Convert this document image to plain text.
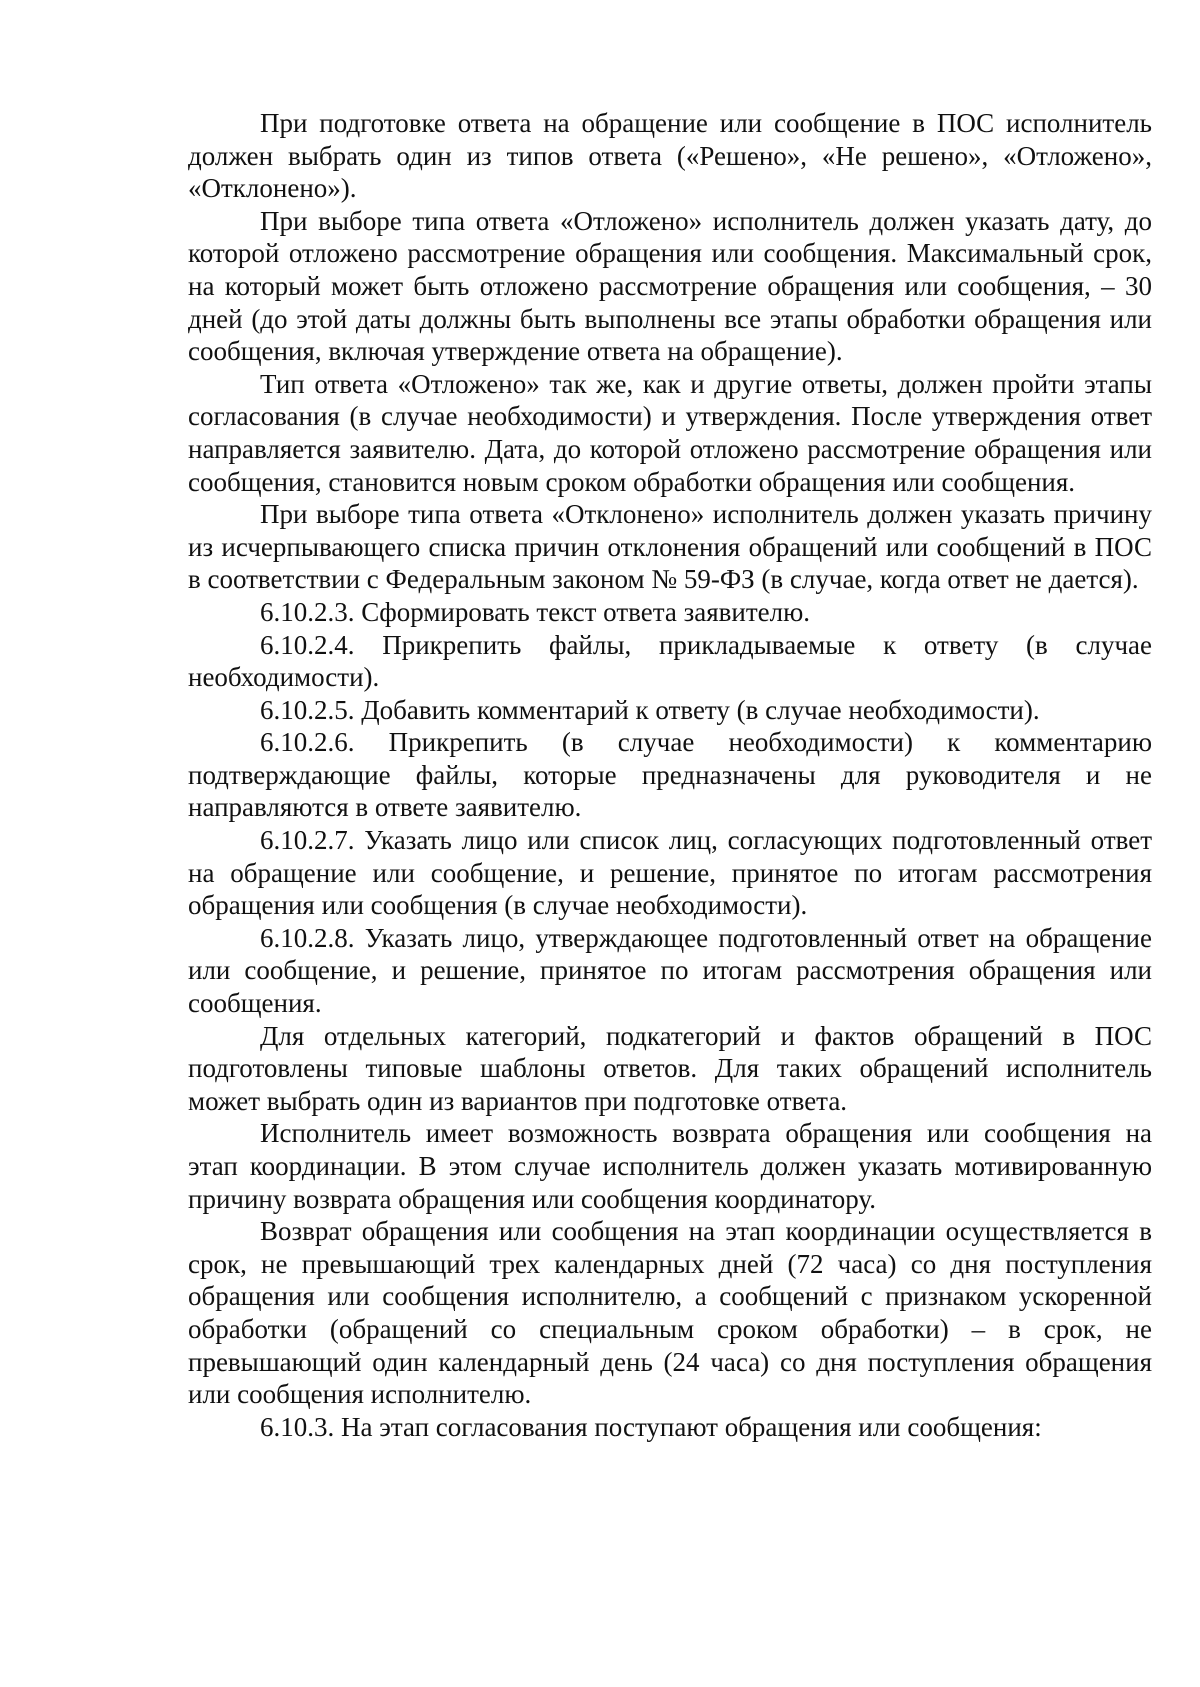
При подготовке ответа на обращение или сообщение в ПОС исполнитель должен выбрать один из типов ответа («Решено», «Не решено», «Отложено», «Отклонено»).

При выборе типа ответа «Отложено» исполнитель должен указать дату, до которой отложено рассмотрение обращения или сообщения. Максимальный срок, на который может быть отложено рассмотрение обращения или сообщения, – 30 дней (до этой даты должны быть выполнены все этапы обработки обращения или сообщения, включая утверждение ответа на обращение).

Тип ответа «Отложено» так же, как и другие ответы, должен пройти этапы согласования (в случае необходимости) и утверждения. После утверждения ответ направляется заявителю. Дата, до которой отложено рассмотрение обращения или сообщения, становится новым сроком обработки обращения или сообщения.

При выборе типа ответа «Отклонено» исполнитель должен указать причину из исчерпывающего списка причин отклонения обращений или сообщений в ПОС в соответствии с Федеральным законом № 59-ФЗ (в случае, когда ответ не дается).

6.10.2.3. Сформировать текст ответа заявителю.

6.10.2.4. Прикрепить файлы, прикладываемые к ответу (в случае необходимости).

6.10.2.5. Добавить комментарий к ответу (в случае необходимости).

6.10.2.6. Прикрепить (в случае необходимости) к комментарию подтверждающие файлы, которые предназначены для руководителя и не направляются в ответе заявителю.

6.10.2.7. Указать лицо или список лиц, согласующих подготовленный ответ на обращение или сообщение, и решение, принятое по итогам рассмотрения обращения или сообщения (в случае необходимости).

6.10.2.8. Указать лицо, утверждающее подготовленный ответ на обращение или сообщение, и решение, принятое по итогам рассмотрения обращения или сообщения.

Для отдельных категорий, подкатегорий и фактов обращений в ПОС подготовлены типовые шаблоны ответов. Для таких обращений исполнитель может выбрать один из вариантов при подготовке ответа.

Исполнитель имеет возможность возврата обращения или сообщения на этап координации. В этом случае исполнитель должен указать мотивированную причину возврата обращения или сообщения координатору.

Возврат обращения или сообщения на этап координации осуществляется в срок, не превышающий трех календарных дней (72 часа) со дня поступления обращения или сообщения исполнителю, а сообщений с признаком ускоренной обработки (обращений со специальным сроком обработки) – в срок, не превышающий один календарный день (24 часа) со дня поступления обращения или сообщения исполнителю.

6.10.3. На этап согласования поступают обращения или сообщения:
